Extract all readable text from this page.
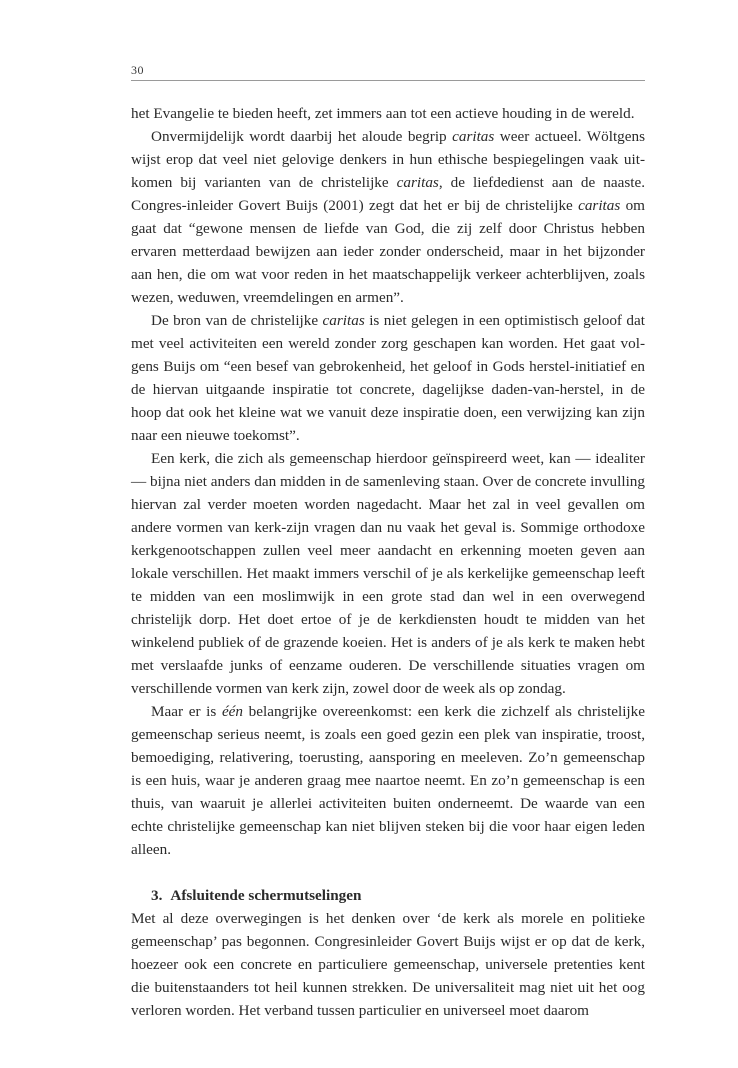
30

het Evangelie te bieden heeft, zet immers aan tot een actieve houding in de wereld.

Onvermijdelijk wordt daarbij het aloude begrip caritas weer actueel. Wöltgens wijst erop dat veel niet gelovige denkers in hun ethische bespiegelingen vaak uitkomen bij varianten van de christelijke caritas, de liefdedienst aan de naaste. Congres-inleider Govert Buijs (2001) zegt dat het er bij de christelijke caritas om gaat dat “gewone mensen de liefde van God, die zij zelf door Christus hebben ervaren metterdaad bewijzen aan ieder zonder onderscheid, maar in het bijzonder aan hen, die om wat voor reden in het maatschappelijk verkeer achterblijven, zoals wezen, weduwen, vreemdelingen en armen”.

De bron van de christelijke caritas is niet gelegen in een optimistisch geloof dat met veel activiteiten een wereld zonder zorg geschapen kan worden. Het gaat volgens Buijs om “een besef van gebrokenheid, het geloof in Gods herstel-initiatief en de hiervan uitgaande inspiratie tot concrete, dagelijkse daden-van-herstel, in de hoop dat ook het kleine wat we vanuit deze inspiratie doen, een verwijzing kan zijn naar een nieuwe toekomst”.

Een kerk, die zich als gemeenschap hierdoor geïnspireerd weet, kan — idealiter — bijna niet anders dan midden in de samenleving staan. Over de concrete invulling hiervan zal verder moeten worden nagedacht. Maar het zal in veel gevallen om andere vormen van kerk-zijn vragen dan nu vaak het geval is. Sommige orthodoxe kerkgenootschappen zullen veel meer aandacht en erkenning moeten geven aan lokale verschillen. Het maakt immers verschil of je als kerkelijke gemeenschap leeft te midden van een moslimwijk in een grote stad dan wel in een overwegend christelijk dorp. Het doet ertoe of je de kerkdiensten houdt te midden van het winkelend publiek of de grazende koeien. Het is anders of je als kerk te maken hebt met verslaafde junks of eenzame ouderen. De verschillende situaties vragen om verschillende vormen van kerk zijn, zowel door de week als op zondag.

Maar er is één belangrijke overeenkomst: een kerk die zichzelf als christelijke gemeenschap serieus neemt, is zoals een goed gezin een plek van inspiratie, troost, bemoediging, relativering, toerusting, aansporing en meeleven. Zo’n gemeenschap is een huis, waar je anderen graag mee naartoe neemt. En zo’n gemeenschap is een thuis, van waaruit je allerlei activiteiten buiten onderneemt. De waarde van een echte christelijke gemeenschap kan niet blijven steken bij die voor haar eigen leden alleen.

3. Afsluitende schermutselingen

Met al deze overwegingen is het denken over ‘de kerk als morele en politieke gemeenschap’ pas begonnen. Congresinleider Govert Buijs wijst er op dat de kerk, hoezeer ook een concrete en particuliere gemeenschap, universele pretenties kent die buitenstaanders tot heil kunnen strekken. De universaliteit mag niet uit het oog verloren worden. Het verband tussen particulier en universeel moet daarom
